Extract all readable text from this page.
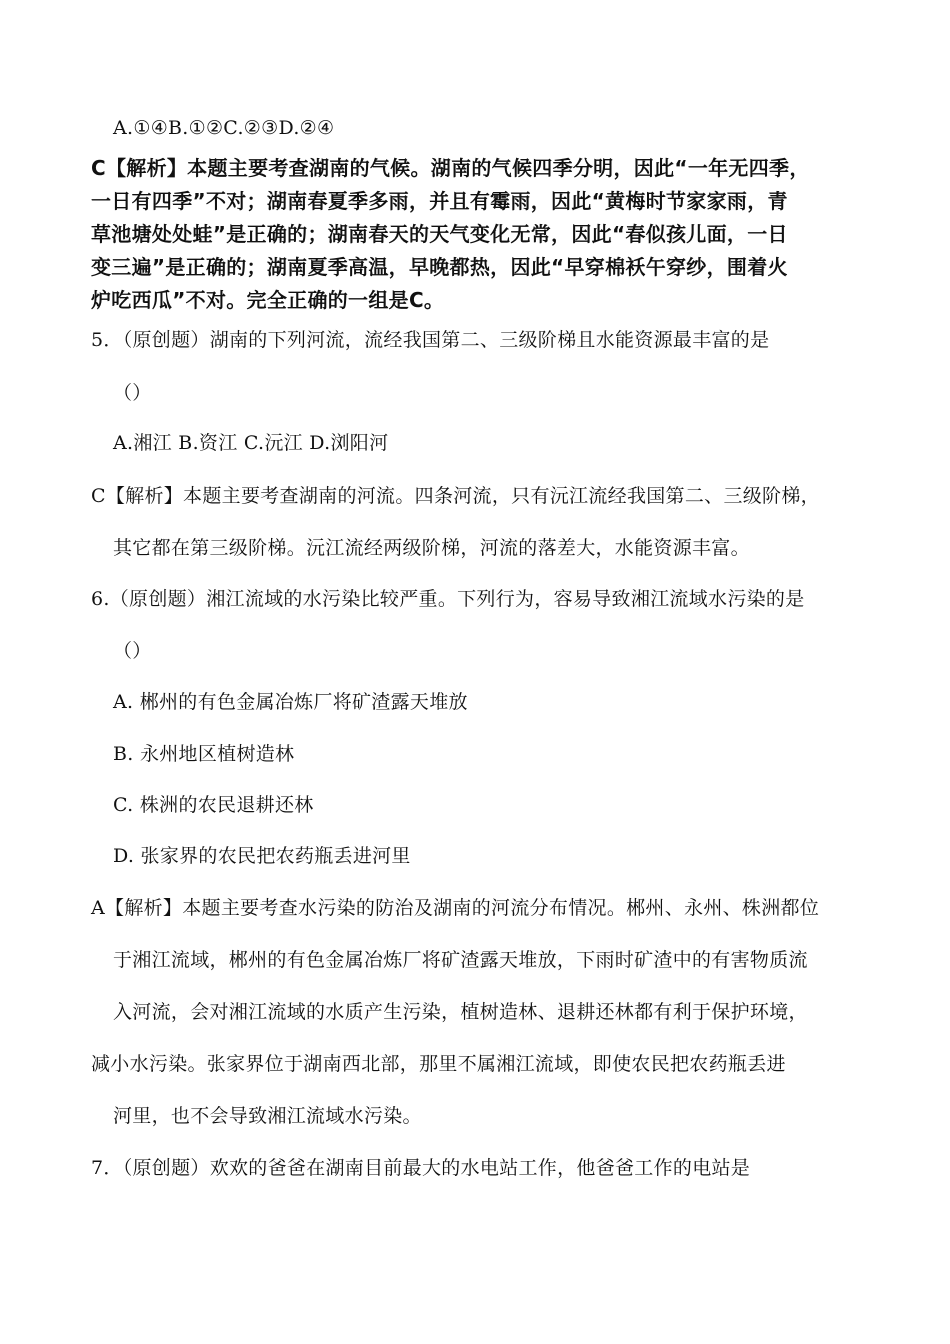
A.①④B.①②C.②③D.②④
C【解析】本题主要考查湖南的气候。湖南的气候四季分明，因此“一年无四季，
一日有四季”不对；湖南春夏季多雨，并且有霉雨，因此“黄梅时节家家雨，青
草池塘处处蛙”是正确的；湖南春天的天气变化无常，因此“春似孩儿面，一日
变三遍”是正确的；湖南夏季高温，早晚都热，因此“早穿棉袄午穿纱，围着火
炉吃西瓜”不对。完全正确的一组是C。
5．（原创题）湖南的下列河流，流经我国第二、三级阶梯且水能资源最丰富的是
（）
A.湘江 B.资江 C.沅江 D.浏阳河
C【解析】本题主要考查湖南的河流。四条河流，只有沅江流经我国第二、三级阶梯，
其它都在第三级阶梯。沅江流经两级阶梯，河流的落差大，水能资源丰富。
6.（原创题）湘江流域的水污染比较严重。下列行为，容易导致湘江流域水污染的是
（）
A. 郴州的有色金属冶炼厂将矿渣露天堆放
B. 永州地区植树造林
C. 株洲的农民退耕还林
D. 张家界的农民把农药瓶丢进河里
A【解析】本题主要考查水污染的防治及湖南的河流分布情况。郴州、永州、株洲都位
于湘江流域，郴州的有色金属冶炼厂将矿渣露天堆放，下雨时矿渣中的有害物质流
入河流，会对湘江流域的水质产生污染，植树造林、退耕还林都有利于保护环境，
减小水污染。张家界位于湖南西北部，那里不属湘江流域，即使农民把农药瓶丢进
河里，也不会导致湘江流域水污染。
7．（原创题）欢欢的爸爸在湖南目前最大的水电站工作，他爸爸工作的电站是
